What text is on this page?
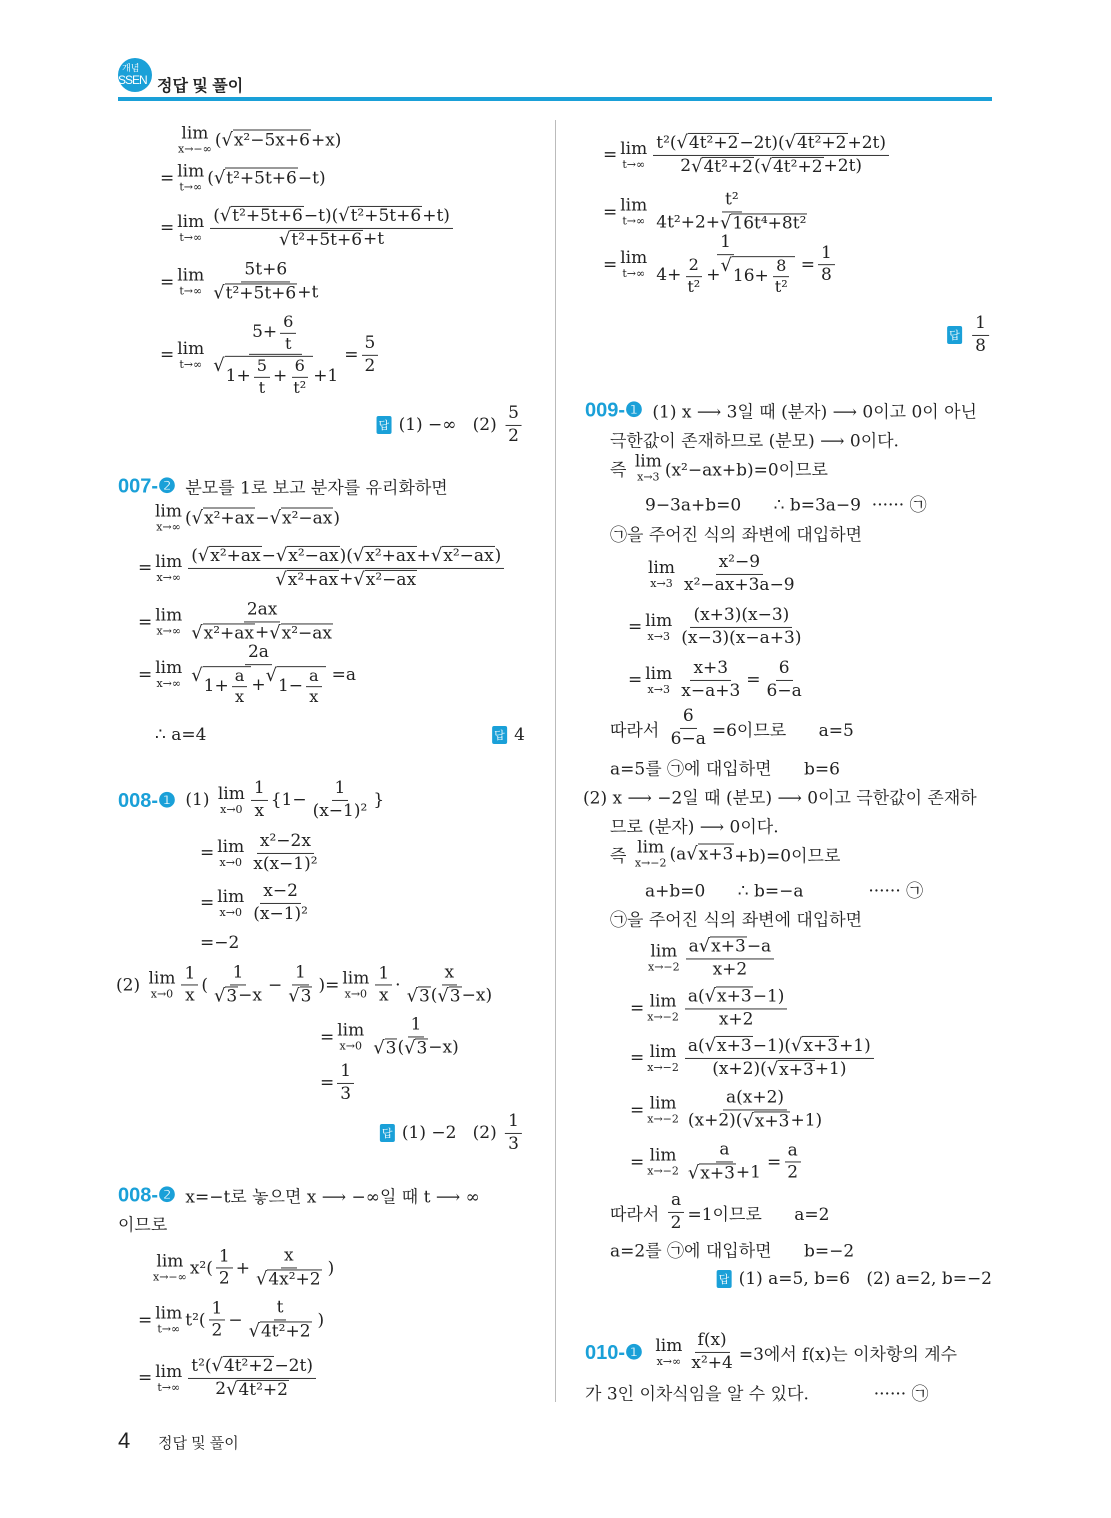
개념
SSEN 정답 및 풀이
lim
x→−∞ ( √ x²−5x+6 +x)
= lim
t→∞ ( √ t²+5t+6 −t)
= lim
$t\to\infty \frac{\text{( √ t²+5t+6 −t)( √ t²+5t+6 +t)}}{\text{√ t²+5t+6 +t}}$
= lim
$t\to\infty \frac{5t+6}{\text{√ t²+5t+6 +t}}$
= lim
t→∞ $5+ \frac{6}{t}$
√
$1+ \frac{5}{t} + \frac{6}{\text{t²}} +1 = \frac{5}{2}$
답 (1) −∞   $(2) \frac{5}{2}$
007-❷ 분모를 1로 보고 분자를 유리화하면
lim
x→∞ ( √ x²+ax − √ x²−ax )
= lim
$x\to\infty \frac{\text{( √ x²+ax − √ x²−ax )( √ x²+ax + √ x²−ax )}}{\text{√ x²+ax + √ x²−ax}}$
= lim
$x\to\infty \frac{2ax}{\text{√ x²+ax + √ x²−ax}}$
= lim
x→∞ 2a
√
$1+ \frac{a}{x}$ + √
$1- \frac{a}{x} =a$
∴ a=4	답 4
008-❶ (1) lim
$x\to 0 \frac{1}{x} \{1- \frac{1}{\text{(x−1)²}}$ }
= lim
$x\to 0 \frac{\text{x²−2x}}{\text{x(x−1)²}}$
= lim
$x\to 0 \frac{x-2}{\text{(x−1)²}}$
=−2
(2) lim
$x\to 0 \frac{1}{x}$ ( $\frac{1}{√ 3 -x} - \frac{1}{√ 3}$ )= lim
$x\to 0 \frac{1}{x} \cdot \frac{x}{√ 3 ( √ 3 -x)}$
= lim
$x\to 0 \frac{1}{√ 3 ( √ 3 -x)}$
= $\frac{1}{3}$
답 (1) −2   $(2) \frac{1}{3}$
008-❷ x=−t로 놓으면 x ⟶ −∞일 때 t ⟶ ∞
이므로
lim
x→−∞ $x^2( \frac{1}{2} + \frac{x}{\text{√ 4x²+2}}$ )
= lim
t→∞ $t^2( \frac{1}{2} - \frac{t}{\text{√ 4t²+2}}$ )
= lim
$t\to\infty \frac{\text{t²( √ 4t²+2 −2t)}}{\text{2 √ 4t²+2}}$
= lim
$t\to\infty \frac{\text{t²( √ 4t²+2 −2t)( √ 4t²+2 +2t)}}{\text{2 √ 4t²+2 ( √ 4t²+2 +2t)}}$
= lim
$t\to\infty \frac{\text{t²}}{\text{4t²+2+ √ 16t⁴+8t²}}$
= lim
t→∞ 1
$4+ \frac{2}{\text{t²}}$ + √
$16+ \frac{8}{\text{t²}} = \frac{1}{8}$
답
$\frac{1}{8}$
009-❶ (1) x ⟶ 3일 때 (분자) ⟶ 0이고 0이 아닌
극한값이 존재하므로 (분모) ⟶ 0이다.
즉 lim
x→3 (x²−ax+b)=0이므로
9−3a+b=0      ∴ b=3a−9  ······ ㉠
㉠을 주어진 식의 좌변에 대입하면
lim
$x\to 3 \frac{\text{x²−9}}{\text{x²−ax+3a−9}}$
= lim
$x\to 3 \frac{(x+3)(x-3)}{(x-3)(x-a+3)}$
= lim
$x\to 3 \frac{x+3}{x-a+3} = \frac{6}{6-a}$
따라서 $\frac{6}{6-a} =6$이므로      a=5
a=5를 ㉠에 대입하면      b=6
(2) x ⟶ −2일 때 (분모) ⟶ 0이고 극한값이 존재하
므로 (분자) ⟶ 0이다.
즉 lim
x→−2 (a √ x+3 +b)=0이므로
a+b=0      ∴ b=−a            ······ ㉠
㉠을 주어진 식의 좌변에 대입하면
lim
$x\to-2 \frac{a √ x+3 -a}{x+2}$
= lim
$x\to-2 \frac{a( √ x+3 -1)}{x+2}$
= lim
$x\to-2 \frac{a( √ x+3 -1)( √ x+3 +1)}{(x+2)( √ x+3 +1)}$
= lim
$x\to-2 \frac{a(x+2)}{(x+2)( √ x+3 +1)}$
= lim
$x\to-2 \frac{a}{√ x+3 +1} = \frac{a}{2}$
따라서 $\frac{a}{2} =1$이므로      a=2
a=2를 ㉠에 대입하면      b=−2
답 (1) a=5, b=6   (2) a=2, b=−2
010-❶
lim
$x\to\infty \frac{f(x)}{\text{x²+4}} =3$에서 f(x)는 이차항의 계수
가 3인 이차식임을 알 수 있다.            ······ ㉠
4 정답 및 풀이
